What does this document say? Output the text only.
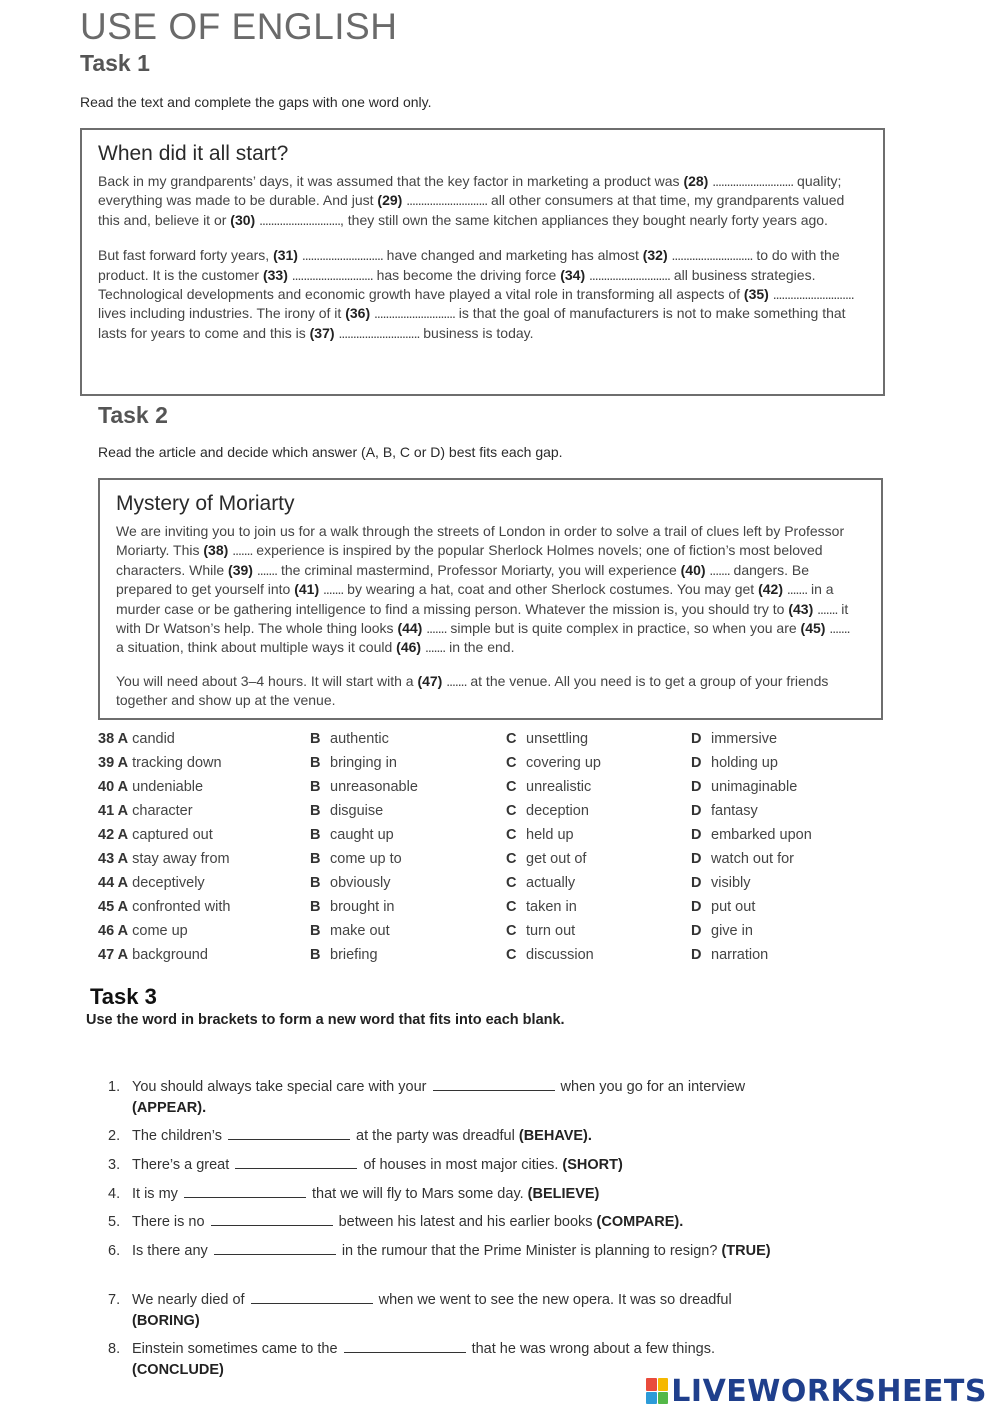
USE OF ENGLISH
Task 1
Read the text and complete the gaps with one word only.
When did it all start?

Back in my grandparents’ days, it was assumed that the key factor in marketing a product was (28) ............................ quality; everything was made to be durable. And just (29) ............................ all other consumers at that time, my grandparents valued this and, believe it or (30) ............................, they still own the same kitchen appliances they bought nearly forty years ago.

But fast forward forty years, (31) ............................ have changed and marketing has almost (32) ............................ to do with the product. It is the customer (33) ............................ has become the driving force (34) ............................ all business strategies. Technological developments and economic growth have played a vital role in transforming all aspects of (35) ............................ lives including industries. The irony of it (36) ............................ is that the goal of manufacturers is not to make something that lasts for years to come and this is (37) ............................ business is today.

Task 2
Read the article and decide which answer (A, B, C or D) best fits each gap.
Mystery of Moriarty

We are inviting you to join us for a walk through the streets of London in order to solve a trail of clues left by Professor Moriarty. This (38) ....... experience is inspired by the popular Sherlock Holmes novels; one of fiction’s most beloved characters. While (39) ....... the criminal mastermind, Professor Moriarty, you will experience (40) ....... dangers. Be prepared to get yourself into (41) ....... by wearing a hat, coat and other Sherlock costumes. You may get (42) ....... in a murder case or be gathering intelligence to find a missing person. Whatever the mission is, you should try to (43) ....... it with Dr Watson’s help. The whole thing looks (44) ....... simple but is quite complex in practice, so when you are (45) ....... a situation, think about multiple ways it could (46) ....... in the end.

You will need about 3–4 hours. It will start with a (47) ....... at the venue. All you need is to get a group of your friends together and show up at the venue.

38 A candid	B authentic	C unsettling	D immersive
39 A tracking down	B bringing in	C covering up	D holding up
40 A undeniable	B unreasonable	C unrealistic	D unimaginable
41 A character	B disguise	C deception	D fantasy
42 A captured out	B caught up	C held up	D embarked upon
43 A stay away from	B come up to	C get out of	D watch out for
44 A deceptively	B obviously	C actually	D visibly
45 A confronted with	B brought in	C taken in	D put out
46 A come up	B make out	C turn out	D give in
47 A background	B briefing	C discussion	D narration
Task 3
Use the word in brackets to form a new word that fits into each blank.
1. You should always take special care with your	when you go for an interview (APPEAR).
2. The children’s	at the party was dreadful (BEHAVE).
3. There’s a great	of houses in most major cities. (SHORT)
4. It is my	that we will fly to Mars some day. (BELIEVE)
5. There is no	between his latest and his earlier books (COMPARE).
6. Is there any	in the rumour that the Prime Minister is planning to resign? (TRUE)
7. We nearly died of	when we went to see the new opera. It was so dreadful (BORING)
8. Einstein sometimes came to the	that he was wrong about a few things. (CONCLUDE)
LIVEWORKSHEETS
